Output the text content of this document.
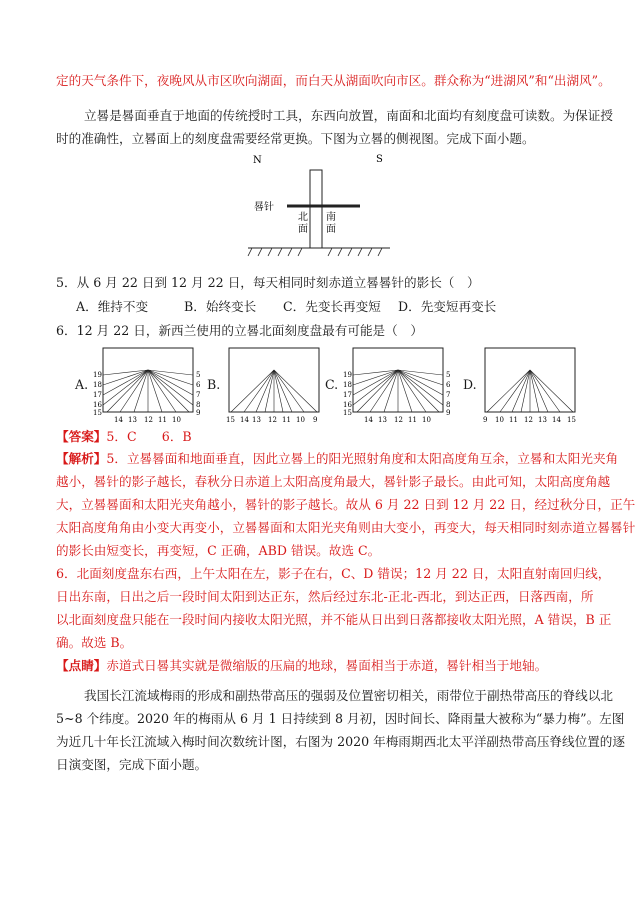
定的天气条件下，夜晚风从市区吹向湖面，而白天从湖面吹向市区。群众称为“进湖风”和“出湖风”。
立晷是晷面垂直于地面的传统授时工具，东西向放置，南面和北面均有刻度盘可读数。为保证授
时的准确性，立晷面上的刻度盘需要经常更换。下图为立晷的侧视图。完成下面小题。
N	S
晷针
北
面
南
面
5．从 6 月 22 日到 12 月 22 日，每天相同时刻赤道立晷晷针的影长（　）
A．维持不变	B．始终变长 C．先变长再变短 D．先变短再变长
6．12 月 22 日，新西兰使用的立晷北面刻度盘最有可能是（　）
A.
19
18
17
16
15
5
6
7
8
9
14 13 12 11 10
B.
15 14 13 12 11 10 9
C.
19
18
17
16
15
5
6
7
8
9
14 13 12 11 10
D.
9 10 11 12 13 14 15
【答案】5．C　　6．B
【解析】5．立晷晷面和地面垂直，因此立晷上的阳光照射角度和太阳高度角互余，立晷和太阳光夹角
越小，晷针的影子越长，春秋分日赤道上太阳高度角最大，晷针影子最长。由此可知，太阳高度角越
大，立晷晷面和太阳光夹角越小，晷针的影子越长。故从 6 月 22 日到 12 月 22 日，经过秋分日，正午
太阳高度角角由小变大再变小，立晷晷面和太阳光夹角则由大变小，再变大，每天相同时刻赤道立晷晷针
的影长由短变长，再变短，C 正确，ABD 错误。故选 C。
6．北面刻度盘东右西，上午太阳在左，影子在右，C、D 错误；12 月 22 日，太阳直射南回归线，
日出东南，日出之后一段时间太阳到达正东，然后经过东北-正北-西北，到达正西，日落西南，所
以北面刻度盘只能在一段时间内接收太阳光照，并不能从日出到日落都接收太阳光照，A 错误，B 正
确。故选 B。
【点睛】赤道式日晷其实就是微缩版的压扁的地球，晷面相当于赤道，晷针相当于地轴。
我国长江流域梅雨的形成和副热带高压的强弱及位置密切相关，雨带位于副热带高压的脊线以北
5~8 个纬度。2020 年的梅雨从 6 月 1 日持续到 8 月初，因时间长、降雨量大被称为“暴力梅”。左图
为近几十年长江流域入梅时间次数统计图，右图为 2020 年梅雨期西北太平洋副热带高压脊线位置的逐
日演变图，完成下面小题。
